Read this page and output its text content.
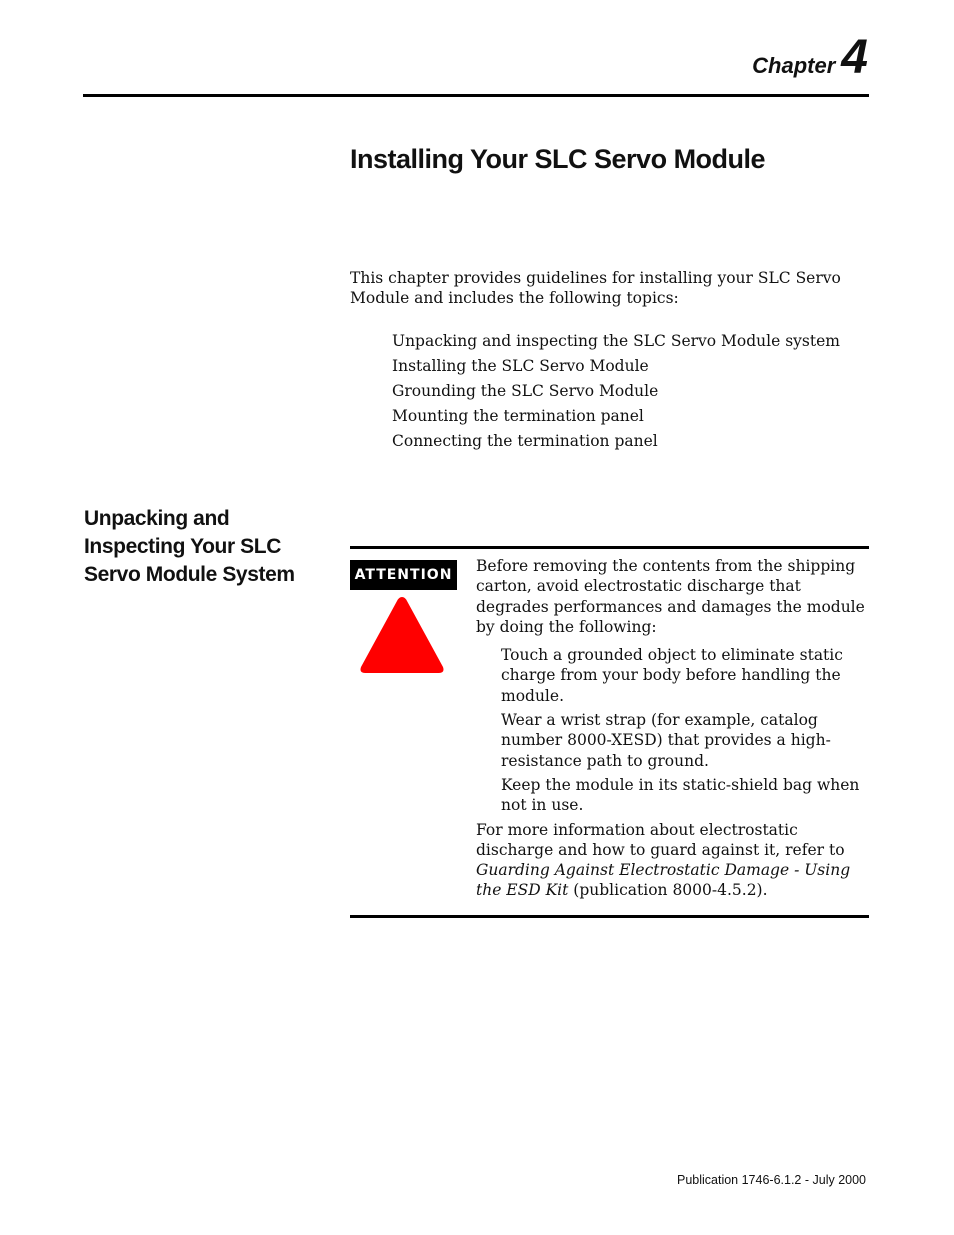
Chapter 4
Installing Your SLC Servo Module

This chapter provides guidelines for installing your SLC Servo Module and includes the following topics:

Unpacking and inspecting the SLC Servo Module system
Installing the SLC Servo Module
Grounding the SLC Servo Module
Mounting the termination panel
Connecting the termination panel
Unpacking and Inspecting Your SLC Servo Module System	ATTENTION Before removing the contents from the shipping carton, avoid electrostatic discharge that degrades performances and damages the module by doing the following:

Touch a grounded object to eliminate static charge from your body before handling the module.
Wear a wrist strap (for example, catalog number 8000-XESD) that provides a high-resistance path to ground.
Keep the module in its static-shield bag when not in use.

For more information about electrostatic discharge and how to guard against it, refer to Guarding Against Electrostatic Damage - Using the ESD Kit (publication 8000-4.5.2).

Publication 1746-6.1.2 - July 2000
